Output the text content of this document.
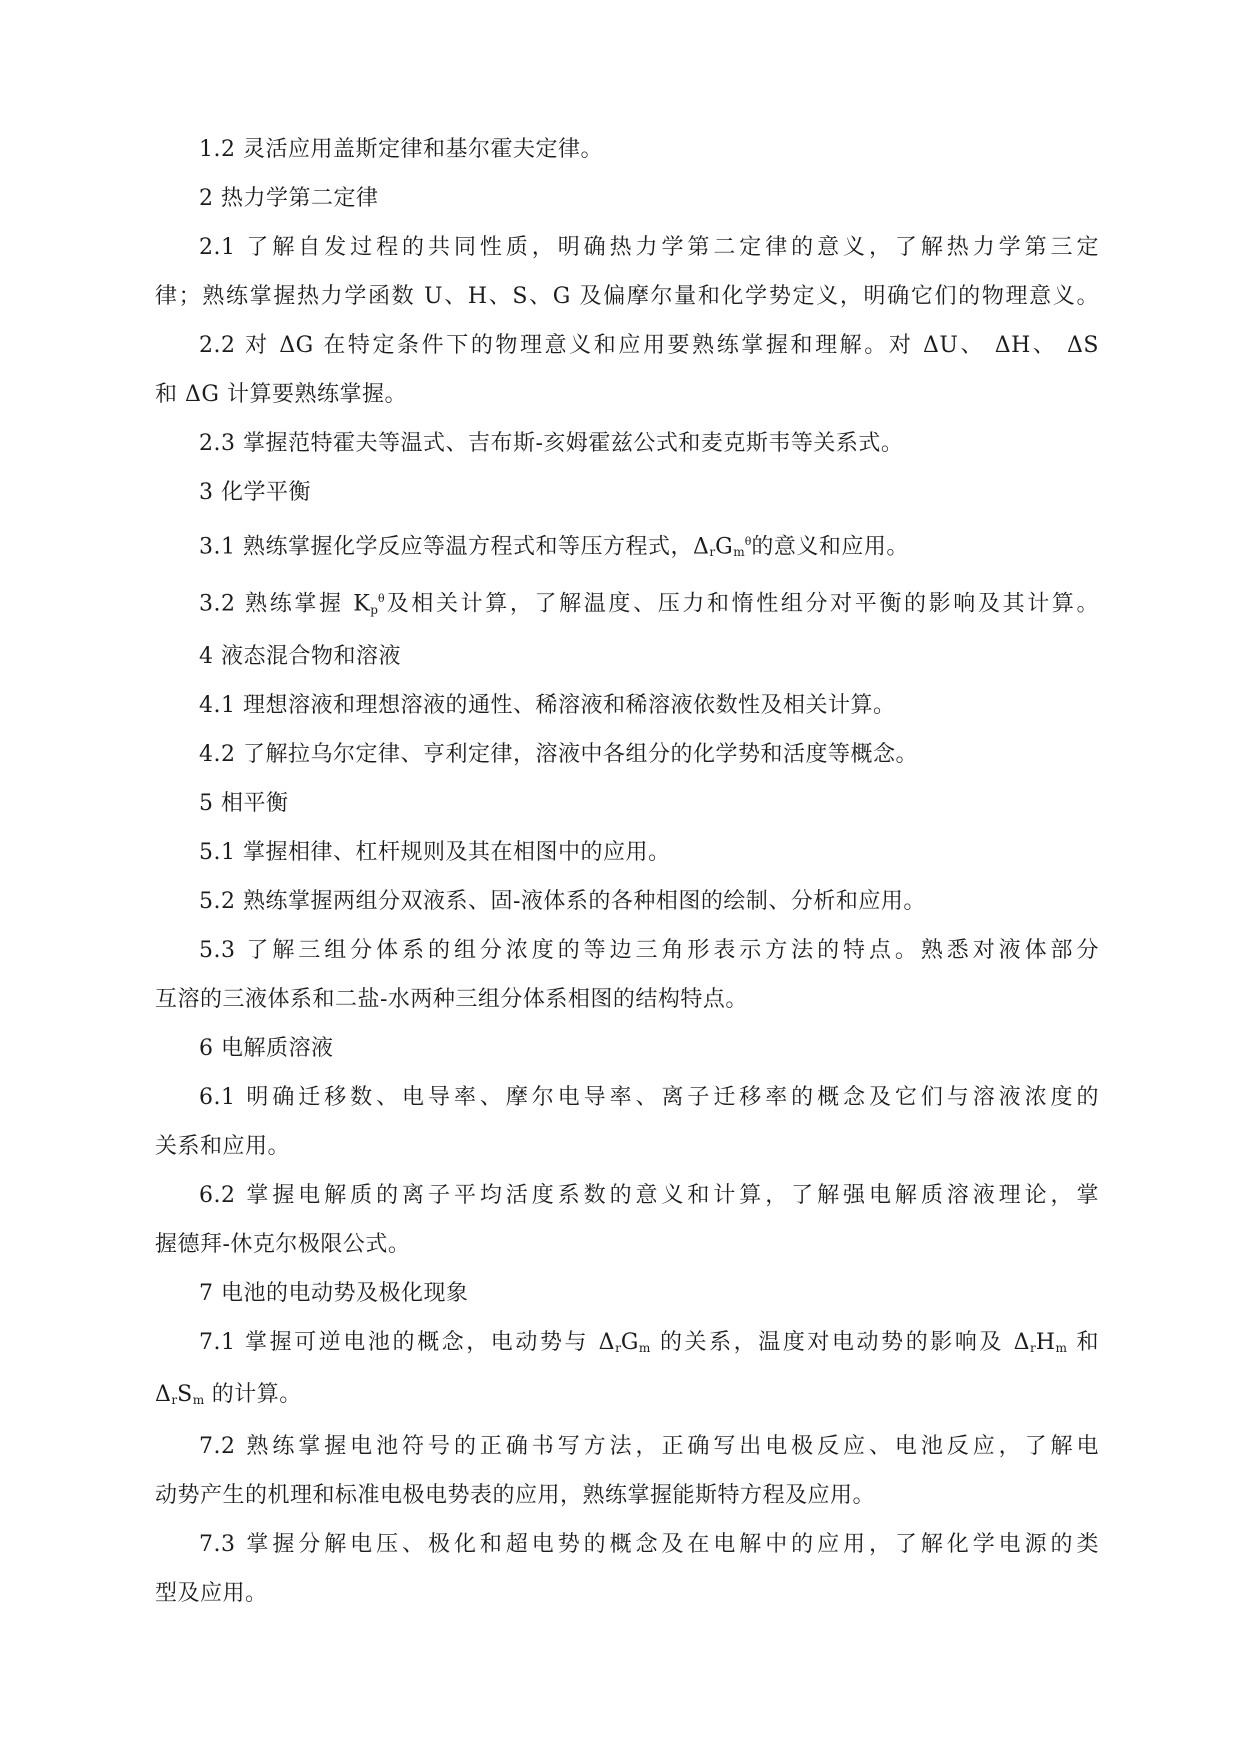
1.2 灵活应用盖斯定律和基尔霍夫定律。
2 热力学第二定律
2.1 了解自发过程的共同性质，明确热力学第二定律的意义，了解热力学第三定
律；熟练掌握热力学函数 U、H、S、G 及偏摩尔量和化学势定义，明确它们的物理意义。
2.2 对 ΔG 在特定条件下的物理意义和应用要熟练掌握和理解。对 ΔU、 ΔH、 ΔS
和 ΔG 计算要熟练掌握。
2.3 掌握范特霍夫等温式、吉布斯-亥姆霍兹公式和麦克斯韦等关系式。
3 化学平衡
3.1 熟练掌握化学反应等温方程式和等压方程式，$\Delta_rG_m^\theta$的意义和应用。
3.2 熟练掌握 $K_p^\theta$及相关计算，了解温度、压力和惰性组分对平衡的影响及其计算。
4 液态混合物和溶液
4.1 理想溶液和理想溶液的通性、稀溶液和稀溶液依数性及相关计算。
4.2 了解拉乌尔定律、亨利定律，溶液中各组分的化学势和活度等概念。
5 相平衡
5.1 掌握相律、杠杆规则及其在相图中的应用。
5.2 熟练掌握两组分双液系、固-液体系的各种相图的绘制、分析和应用。
5.3 了解三组分体系的组分浓度的等边三角形表示方法的特点。熟悉对液体部分
互溶的三液体系和二盐-水两种三组分体系相图的结构特点。
6 电解质溶液
6.1 明确迁移数、电导率、摩尔电导率、离子迁移率的概念及它们与溶液浓度的
关系和应用。
6.2 掌握电解质的离子平均活度系数的意义和计算，了解强电解质溶液理论，掌
握德拜-休克尔极限公式。
7 电池的电动势及极化现象
7.1 掌握可逆电池的概念，电动势与 $\Delta_rG_m$ 的关系，温度对电动势的影响及 $\Delta_rH_m$ 和
$\Delta_rS_m$ 的计算。
7.2 熟练掌握电池符号的正确书写方法，正确写出电极反应、电池反应，了解电
动势产生的机理和标准电极电势表的应用，熟练掌握能斯特方程及应用。
7.3 掌握分解电压、极化和超电势的概念及在电解中的应用，了解化学电源的类
型及应用。
